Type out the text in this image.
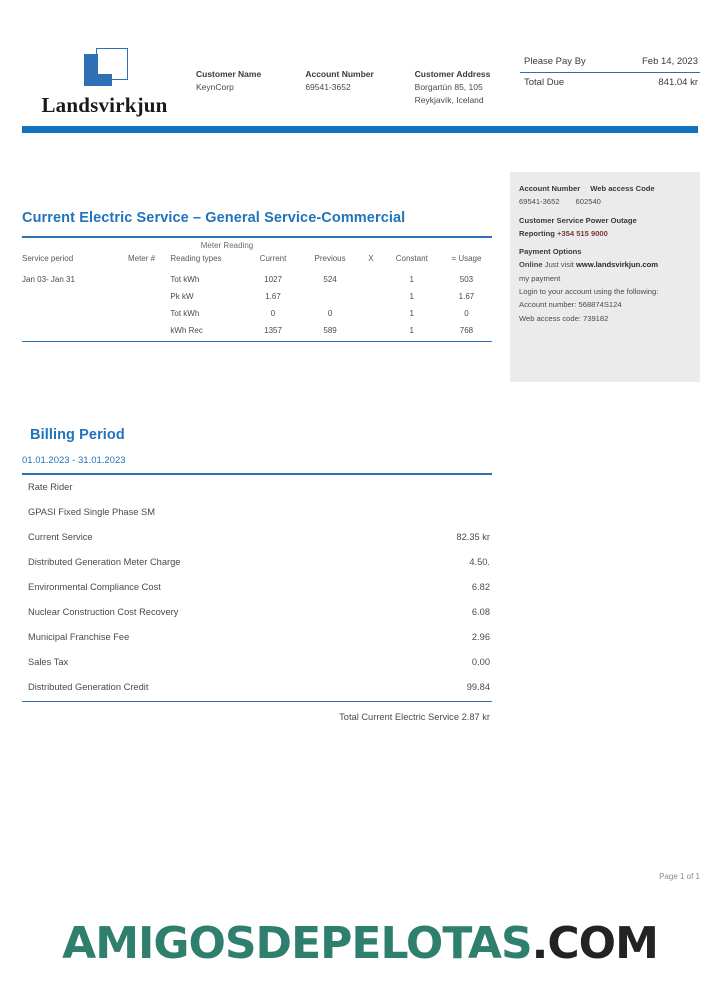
Landsvirkjun
Customer Name
KeynCorp
Account Number
69541-3652
Customer Address
Borgartún 85, 105
Reykjavík, Iceland
Please Pay By	Feb 14, 2023
Total Due	841.04 kr
Current Electric Service – General Service-Commercial
Meter Reading
Service period	Meter #	Reading types	Current	Previous	X	Constant	= Usage
Jan 03- Jan 31		Tot kWh	1027	524		1	503
		Pk kW	1.67			1	1.67
		Tot kWh	0	0		1	0
		kWh Rec	1357	589		1	768
Account Number Web access Code
69541-3652 602540

Customer Service Power Outage

Reporting +354 515 9000

Payment Options

Online Just visit www.landsvirkjun.com

my payment

Login to your account using the following:

Account number: 568874S124

Web access code: 739182

Billing Period
01.01.2023 - 31.01.2023
Rate Rider
GPASI Fixed Single Phase SM
Current Service	82.35 kr
Distributed Generation Meter Charge	4.50.
Environmental Compliance Cost	6.82
Nuclear Construction Cost Recovery	6.08
Municipal Franchise Fee	2.96
Sales Tax	0.00
Distributed Generation Credit	99.84
Total Current Electric Service 2.87 kr
Page 1 of 1
AMIGOSDEPELOTAS.COM
